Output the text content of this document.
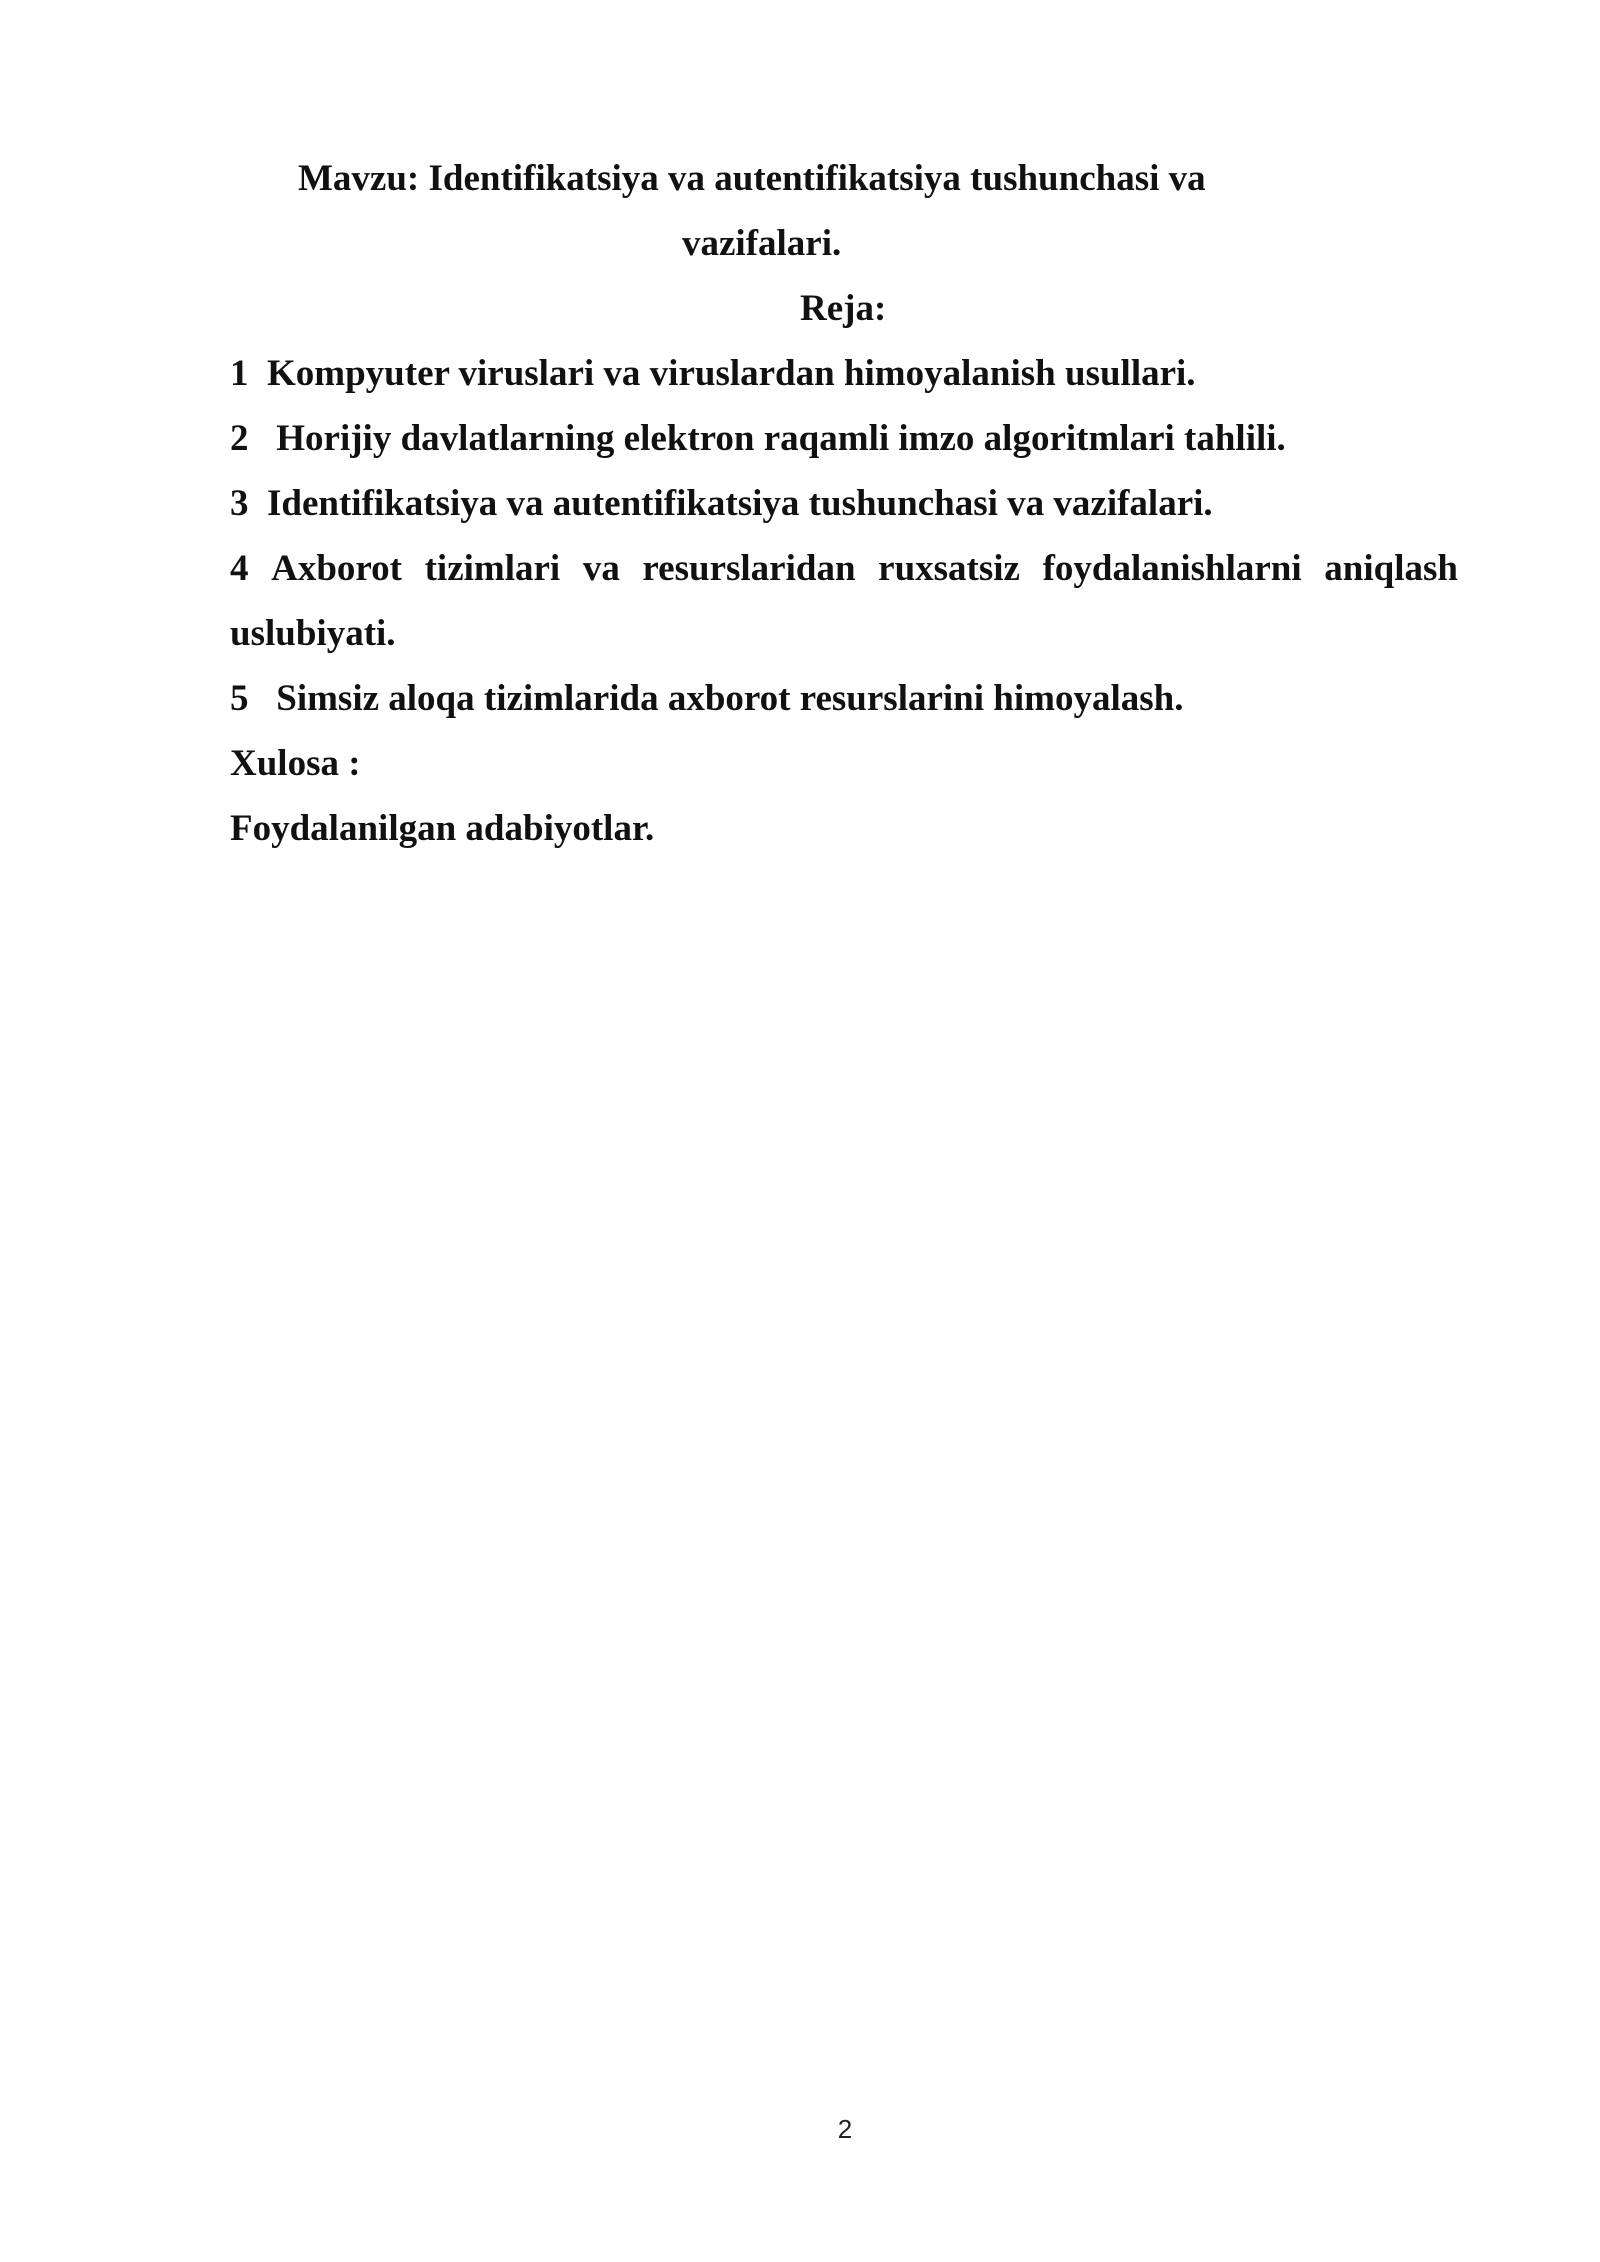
Mavzu: Identifikatsiya va autentifikatsiya tushunchasi va
vazifalari.
Reja:
1 Kompyuter viruslari va viruslardan himoyalanish usullari.
2 Horijiy davlatlarning elektron raqamli imzo algoritmlari tahlili.
3 Identifikatsiya va autentifikatsiya tushunchasi va vazifalari.
4 Axborot tizimlari va resurslaridan ruxsatsiz foydalanishlarni aniqlash
uslubiyati.
5 Simsiz aloqa tizimlarida axborot resurslarini himoyalash.
Xulosa :
Foydalanilgan adabiyotlar.
2
